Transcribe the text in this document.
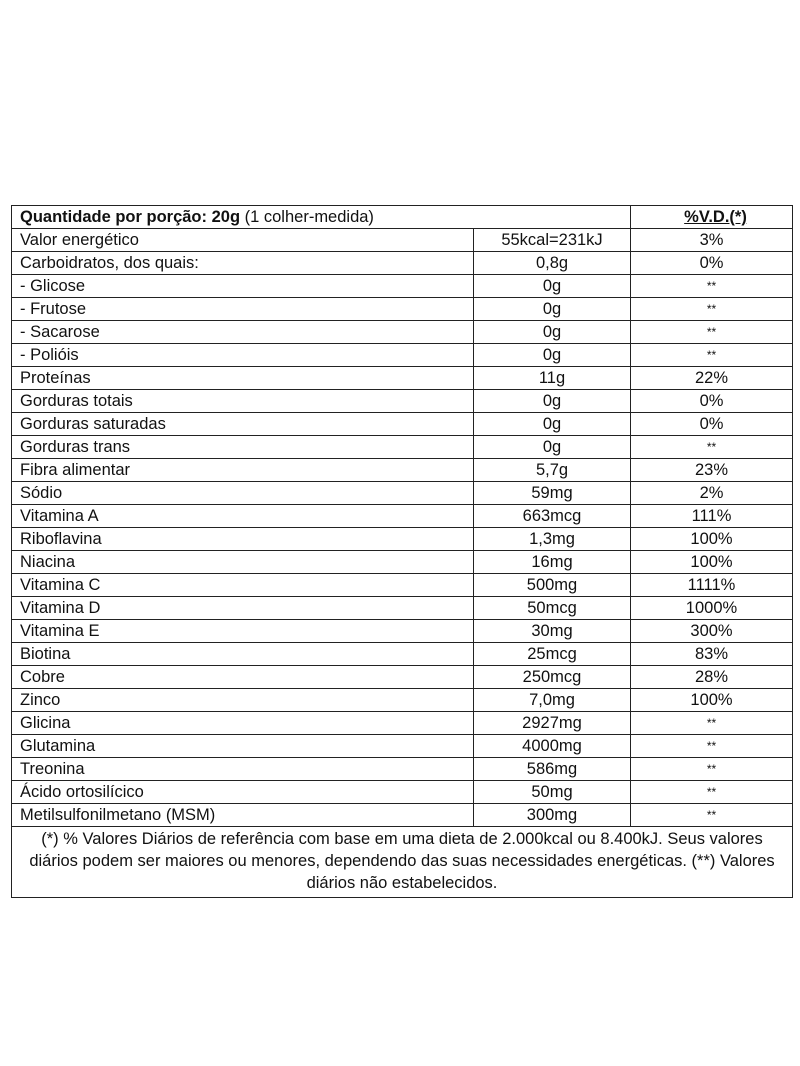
Quantidade por porção: 20g (1 colher-medida)		%V.D.(*)
Valor energético	55kcal=231kJ	3%
Carboidratos, dos quais:	0,8g	0%
- Glicose	0g	**
- Frutose	0g	**
- Sacarose	0g	**
- Polióis	0g	**
Proteínas	11g	22%
Gorduras totais	0g	0%
Gorduras saturadas	0g	0%
Gorduras trans	0g	**
Fibra alimentar	5,7g	23%
Sódio	59mg	2%
Vitamina A	663mcg	111%
Riboflavina	1,3mg	100%
Niacina	16mg	100%
Vitamina C	500mg	1111%
Vitamina D	50mcg	1000%
Vitamina E	30mg	300%
Biotina	25mcg	83%
Cobre	250mcg	28%
Zinco	7,0mg	100%
Glicina	2927mg	**
Glutamina	4000mg	**
Treonina	586mg	**
Ácido ortosilícico	50mg	**
Metilsulfonilmetano (MSM)	300mg	**
(*) % Valores Diários de referência com base em uma dieta de 2.000kcal ou 8.400kJ. Seus valores diários podem ser maiores ou menores, dependendo das suas necessidades energéticas. (**) Valores diários não estabelecidos.		
